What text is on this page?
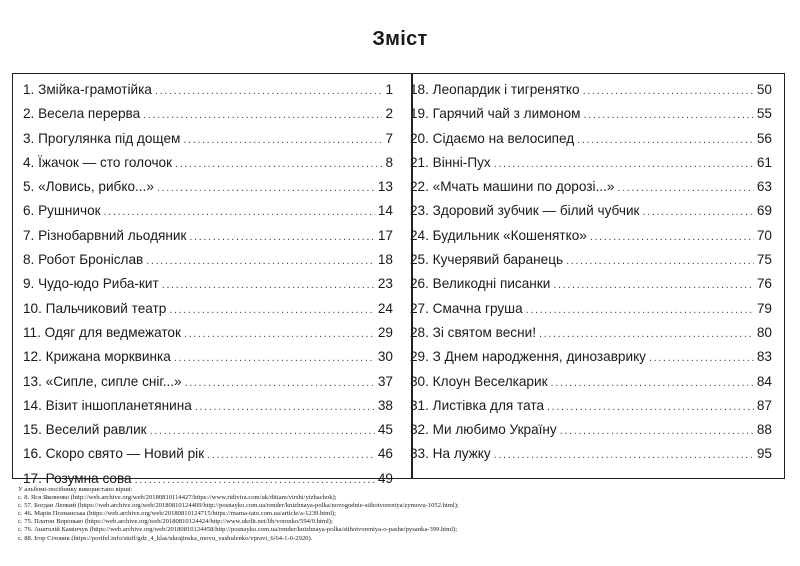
Зміст
1. Змійка-грамотійка .....	1
2. Весела перерва .....	2
3. Прогулянка під дощем .....	7
4. Їжачок — сто голочок .....	8
5. «Ловись, рибко...» .....	13
6. Рушничок .....	14
7. Різнобарвний льодяник .....	17
8. Робот Броніслав .....	18
9. Чудо-юдо Риба-кит .....	23
10. Пальчиковий театр .....	24
11. Одяг для ведмежаток .....	29
12. Крижана морквинка .....	30
13. «Сипле, сипле сніг...» .....	37
14. Візит іншопланетянина .....	38
15. Веселий равлик .....	45
16. Скоро свято — Новий рік .....	46
17. Розумна сова .....	49
18. Леопардик і тигренятко .....	50
19. Гарячий чай з лимоном .....	55
20. Сідаємо на велосипед .....	56
21. Вінні-Пух .....	61
22. «Мчать машини по дорозі...» .....	63
23. Здоровий зубчик — білий чубчик .....	69
24. Будильник «Кошенятко» .....	70
25. Кучерявий баранець .....	75
26. Великодні писанки .....	76
27. Смачна груша .....	79
28. Зі святом весни! .....	80
29. З Днем народження, динозаврику .....	83
30. Клоун Веселкарик .....	84
31. Листівка для тата .....	87
32. Ми любимо Україну .....	88
33. На лужку .....	95
У альбомі-посібнику використано вірші:
с. 8. Яся Яковенко (http://web.archive.org/web/20180810114427/https://www.ridivira.com/uk/ditiam/virshi/yizhachok);
с. 57. Богдан Лепкий (https://web.archive.org/web/20180810124409/http://posnayko.com.ua/render/knizhnaya-polka/novogodnie-stihotvoreniya/zymovu-1052.html);
с. 46. Марія Познанська (https://web.archive.org/web/20180810124715/https://mama-tato.com.ua/article/a-1239.html);
с. 75. Платон Воронько (https://web.archive.org/web/20180810124424/http://www.ukrlit.net/lib/voronko/594/0.html);
с. 76. Анатолій Камінчук (https://web.archive.org/web/20180810124458/http://posnayko.com.ua/render/knizhnaya-polka/stihotvoreniya-o-pashe/pysanka-399.html);
с. 88. Ігор Січовик (https://portfel.info/stuff/gdz_4_klas/ukrajinska_movu_vashulenko/vpravi_6/64-1-0-2920).
